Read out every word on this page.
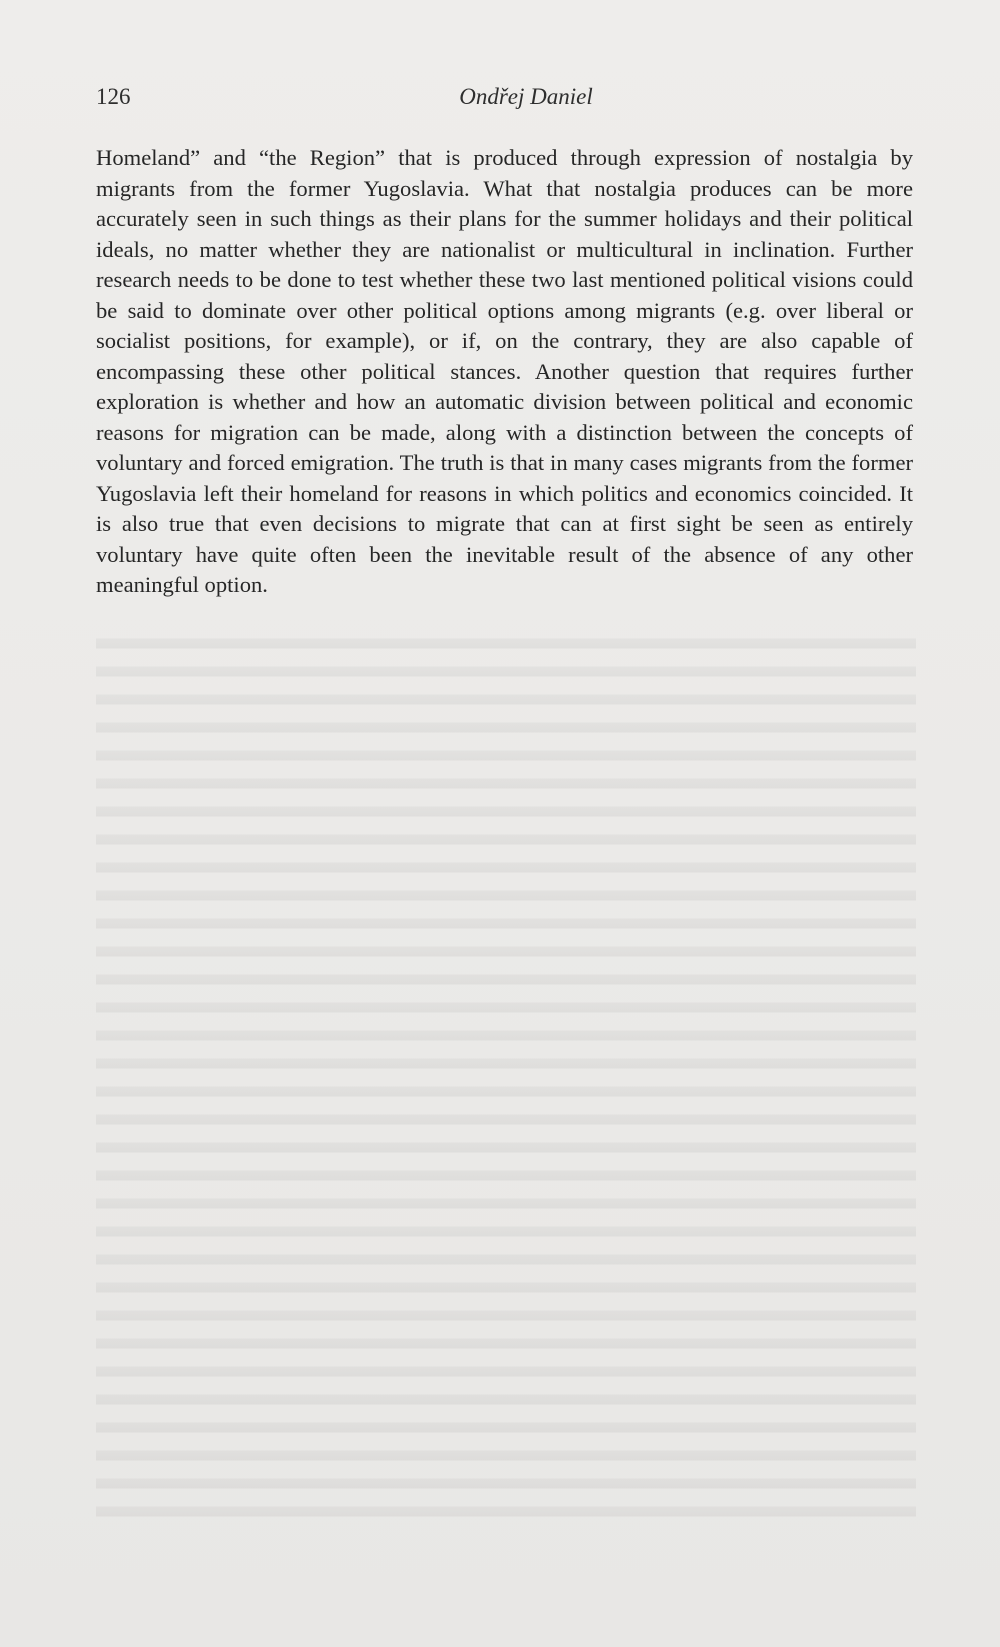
126	Ondřej Daniel

Homeland” and “the Region” that is produced through expression of nostalgia by migrants from the former Yugoslavia. What that nostalgia produces can be more accurately seen in such things as their plans for the summer holidays and their political ideals, no matter whether they are nationalist or multicultural in inclination. Further research needs to be done to test whether these two last mentioned political visions could be said to dominate over other political options among migrants (e.g. over liberal or socialist positions, for example), or if, on the contrary, they are also capable of encompassing these other political stances. Another question that requires further exploration is whether and how an automatic division between political and economic reasons for migration can be made, along with a distinction between the concepts of voluntary and forced emigration. The truth is that in many cases migrants from the former Yugoslavia left their homeland for reasons in which politics and economics coincided. It is also true that even decisions to migrate that can at first sight be seen as entirely voluntary have quite often been the inevitable result of the absence of any other meaningful option.
